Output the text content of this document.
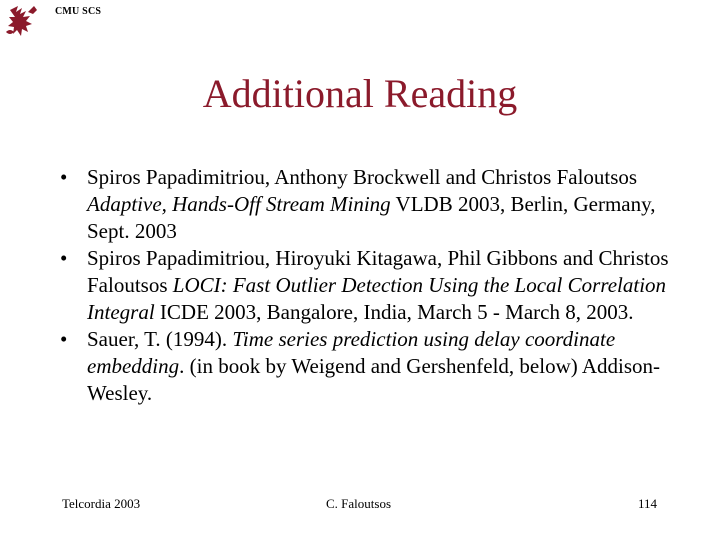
CMU SCS
Additional Reading
• Spiros Papadimitriou, Anthony Brockwell and Christos Faloutsos Adaptive, Hands-Off Stream Mining VLDB 2003, Berlin, Germany, Sept. 2003
• Spiros Papadimitriou, Hiroyuki Kitagawa, Phil Gibbons and Christos Faloutsos LOCI: Fast Outlier Detection Using the Local Correlation Integral ICDE 2003, Bangalore, India, March 5 - March 8, 2003.
• Sauer, T. (1994). Time series prediction using delay coordinate embedding. (in book by Weigend and Gershenfeld, below) Addison-Wesley.
Telcordia 2003	C. Faloutsos	114
